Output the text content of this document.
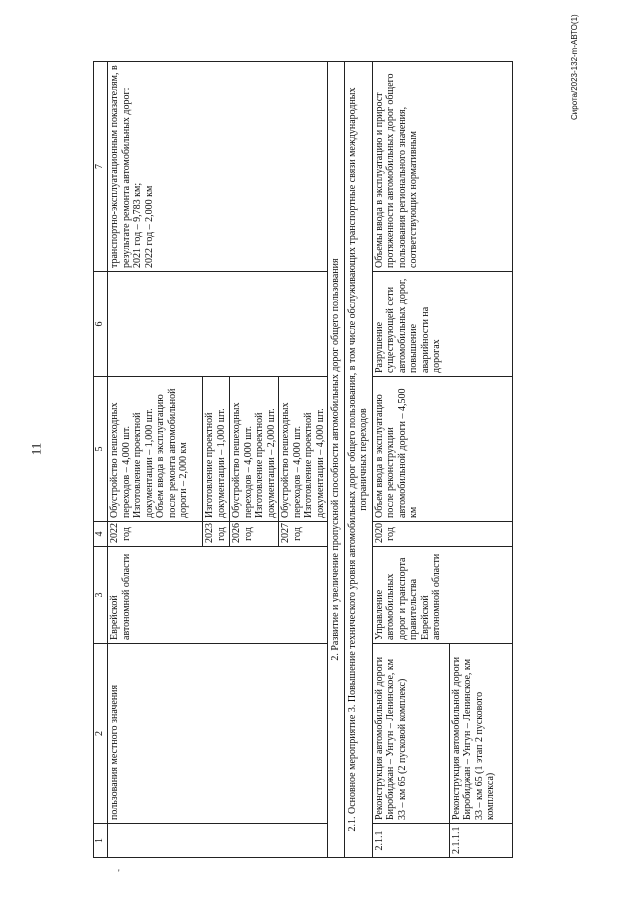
11
'
Сирота/2023-132-m-АВТО(1)
1	2	3	4	5	6	7
	пользования местного значения	Еврейской автономной области	2022 год	Обустройство пешеходных переходов – 4,000 шт.
Изготовление проектной документации – 1,000 шт.
Объем ввода в эксплуатацию после ремонта автомобильной дороги – 2,000 км		транспортно-эксплуатационным показателям, в результате ремонта автомобильных дорог:
2021 год – 9,783 км;
2022 год – 2,000 км
			2023 год	Изготовление проектной документации – 1,000 шт.		
			2026 год	Обустройство пешеходных переходов – 4,000 шт.
Изготовление проектной документации – 2,000 шт.		
			2027 год	Обустройство пешеходных переходов – 4,000 шт.
Изготовление проектной документации – 4,000 шт.		
2. Развитие и увеличение пропускной способности автомобильных дорог общего пользования						
2.1. Основное мероприятие 3. Повышение технического уровня автомобильных дорог общего пользования, в том числе обслуживающих транспортные связи международных пограничных переходов						
2.1.1	Реконструкция автомобильной дороги Биробиджан – Унгун – Ленинское, км 33 – км 65 (2 пусковой комплекс)	Управление автомобильных дорог и транспорта правительства Еврейской автономной области	2020 год	Объем ввода в эксплуатацию после реконструкции автомобильной дороги – 4,500 км	Разрушение существующей сети автомобильных дорог, повышение аварийности на дорогах	Объемы ввода в эксплуатацию и прирост протяженности автомобильных дорог общего пользования регионального значения, соответствующих нормативным
2.1.1.1	Реконструкция автомобильной дороги Биробиджан – Унгун – Ленинское, км 33 – км 65 (1 этап 2 пускового комплекса)					
